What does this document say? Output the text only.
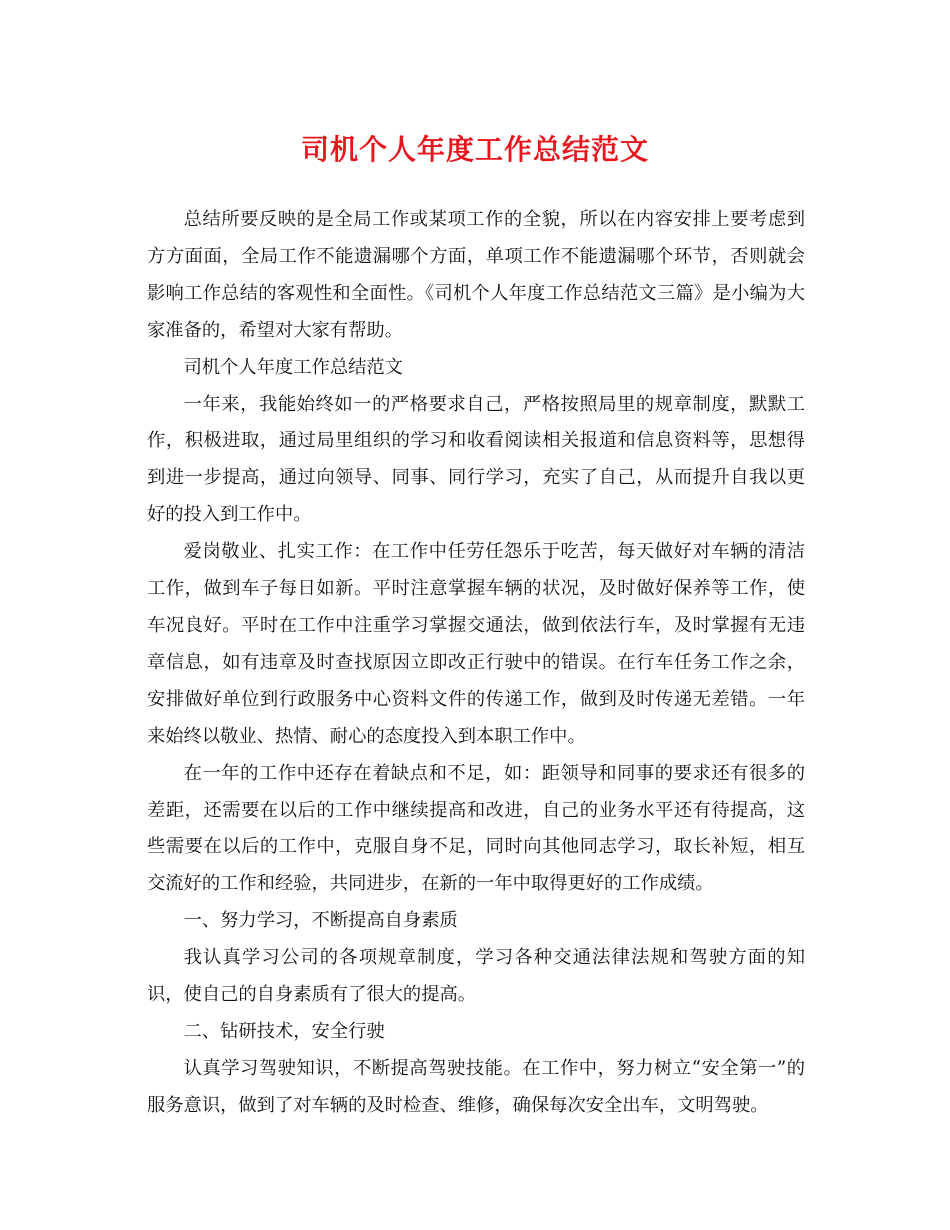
司机个人年度工作总结范文

总结所要反映的是全局工作或某项工作的全貌，所以在内容安排上要考虑到方方面面，全局工作不能遗漏哪个方面，单项工作不能遗漏哪个环节，否则就会影响工作总结的客观性和全面性。《司机个人年度工作总结范文三篇》是小编为大家准备的，希望对大家有帮助。

司机个人年度工作总结范文

一年来，我能始终如一的严格要求自己，严格按照局里的规章制度，默默工作，积极进取，通过局里组织的学习和收看阅读相关报道和信息资料等，思想得到进一步提高，通过向领导、同事、同行学习，充实了自己，从而提升自我以更好的投入到工作中。

爱岗敬业、扎实工作：在工作中任劳任怨乐于吃苦，每天做好对车辆的清洁工作，做到车子每日如新。平时注意掌握车辆的状况，及时做好保养等工作，使车况良好。平时在工作中注重学习掌握交通法，做到依法行车，及时掌握有无违章信息，如有违章及时查找原因立即改正行驶中的错误。在行车任务工作之余，安排做好单位到行政服务中心资料文件的传递工作，做到及时传递无差错。一年来始终以敬业、热情、耐心的态度投入到本职工作中。

在一年的工作中还存在着缺点和不足，如：距领导和同事的要求还有很多的差距，还需要在以后的工作中继续提高和改进，自己的业务水平还有待提高，这些需要在以后的工作中，克服自身不足，同时向其他同志学习，取长补短，相互交流好的工作和经验，共同进步，在新的一年中取得更好的工作成绩。

一、努力学习，不断提高自身素质

我认真学习公司的各项规章制度，学习各种交通法律法规和驾驶方面的知识，使自己的自身素质有了很大的提高。

二、钻研技术，安全行驶

认真学习驾驶知识，不断提高驾驶技能。在工作中，努力树立“安全第一”的服务意识，做到了对车辆的及时检查、维修，确保每次安全出车，文明驾驶。
